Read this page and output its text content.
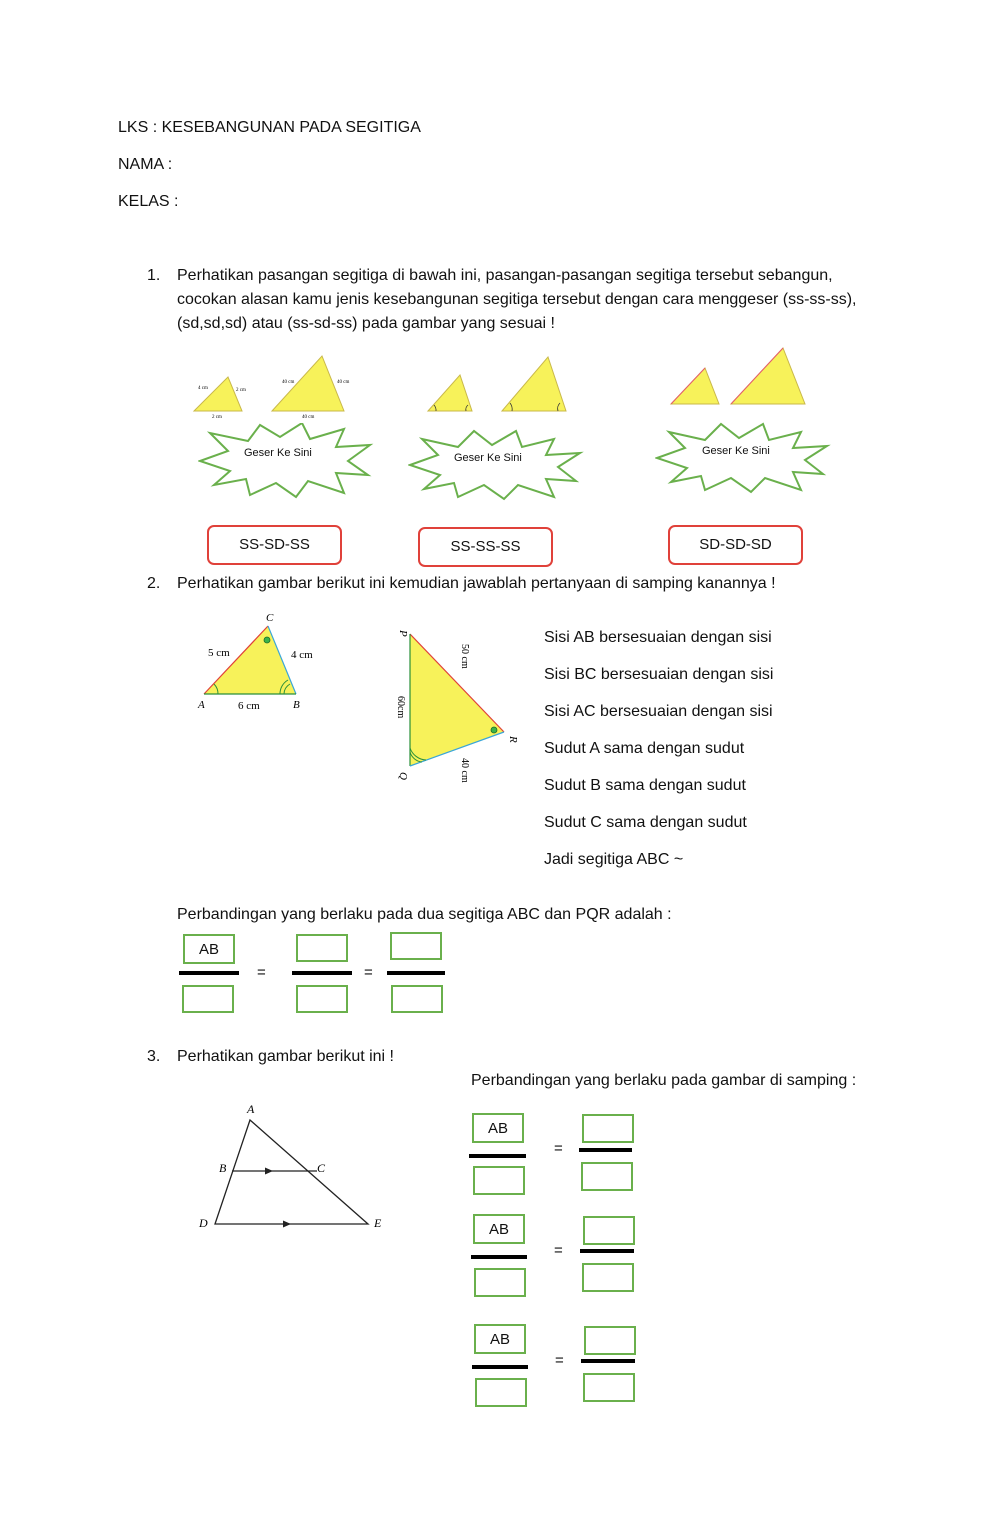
LKS : KESEBANGUNAN PADA SEGITIGA
NAMA :
KELAS :
1. Perhatikan pasangan segitiga di bawah ini, pasangan-pasangan segitiga tersebut sebangun,
cocokan alasan kamu jenis kesebangunan segitiga tersebut dengan cara menggeser (ss-ss-ss),
(sd,sd,sd) atau (ss-sd-ss) pada gambar yang sesuai !
4 cm	2 cm
2 cm
40 cm	40 cm
40 cm
Geser Ke Sini	Geser Ke Sini
Geser Ke Sini
SS-SD-SS	SS-SS-SS	SD-SD-SD
2. Perhatikan gambar berikut ini kemudian jawablah pertanyaan di samping kanannya !
C
A	B
5 cm	4 cm
6 cm
P
Q
R
50 cm
60cm
40 cm
Sisi AB bersesuaian dengan sisi
Sisi BC bersesuaian dengan sisi
Sisi AC bersesuaian dengan sisi
Sudut A sama dengan sudut
Sudut B sama dengan sudut
Sudut C sama dengan sudut
Jadi segitiga ABC ~
Perbandingan yang berlaku pada dua segitiga ABC dan PQR adalah :
AB
=	=
3. Perhatikan gambar berikut ini !
Perbandingan yang berlaku pada gambar di samping :
A
B	C
D	E
AB
=
AB
=
AB
=
